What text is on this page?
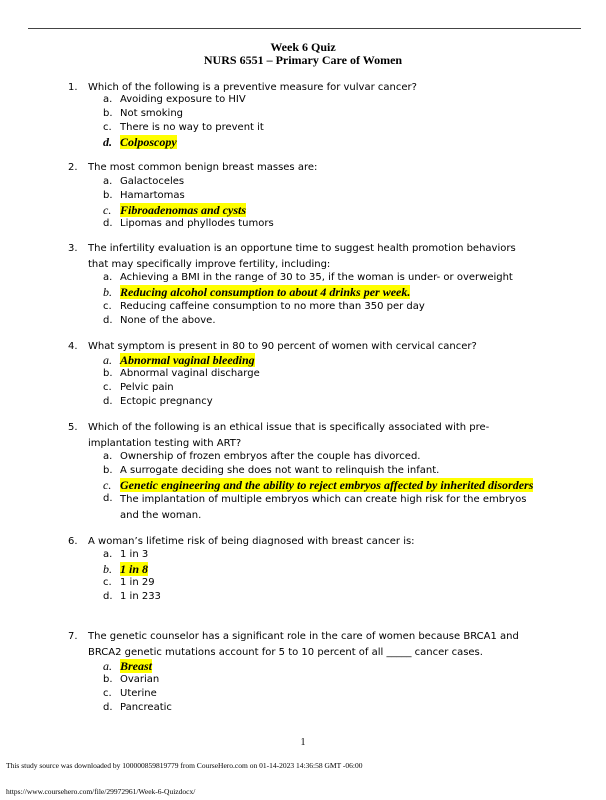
Week 6 Quiz
NURS 6551 – Primary Care of Women
1. Which of the following is a preventive measure for vulvar cancer?
a. Avoiding exposure to HIV
b. Not smoking
c. There is no way to prevent it
d. Colposcopy
2. The most common benign breast masses are:
a. Galactoceles
b. Hamartomas
c. Fibroadenomas and cysts
d. Lipomas and phyllodes tumors
3. The infertility evaluation is an opportune time to suggest health promotion behaviors that may specifically improve fertility, including:
a. Achieving a BMI in the range of 30 to 35, if the woman is under- or overweight
b. Reducing alcohol consumption to about 4 drinks per week.
c. Reducing caffeine consumption to no more than 350 per day
d. None of the above.
4. What symptom is present in 80 to 90 percent of women with cervical cancer?
a. Abnormal vaginal bleeding
b. Abnormal vaginal discharge
c. Pelvic pain
d. Ectopic pregnancy
5. Which of the following is an ethical issue that is specifically associated with pre-implantation testing with ART?
a. Ownership of frozen embryos after the couple has divorced.
b. A surrogate deciding she does not want to relinquish the infant.
c. Genetic engineering and the ability to reject embryos affected by inherited disorders
d. The implantation of multiple embryos which can create high risk for the embryos and the woman.
6. A woman’s lifetime risk of being diagnosed with breast cancer is:
a. 1 in 3
b. 1 in 8
c. 1 in 29
d. 1 in 233
7. The genetic counselor has a significant role in the care of women because BRCA1 and BRCA2 genetic mutations account for 5 to 10 percent of all _____ cancer cases.
a. Breast
b. Ovarian
c. Uterine
d. Pancreatic
1
This study source was downloaded by 100000859819779 from CourseHero.com on 01-14-2023 14:36:58 GMT -06:00
https://www.coursehero.com/file/29972961/Week-6-Quizdocx/
